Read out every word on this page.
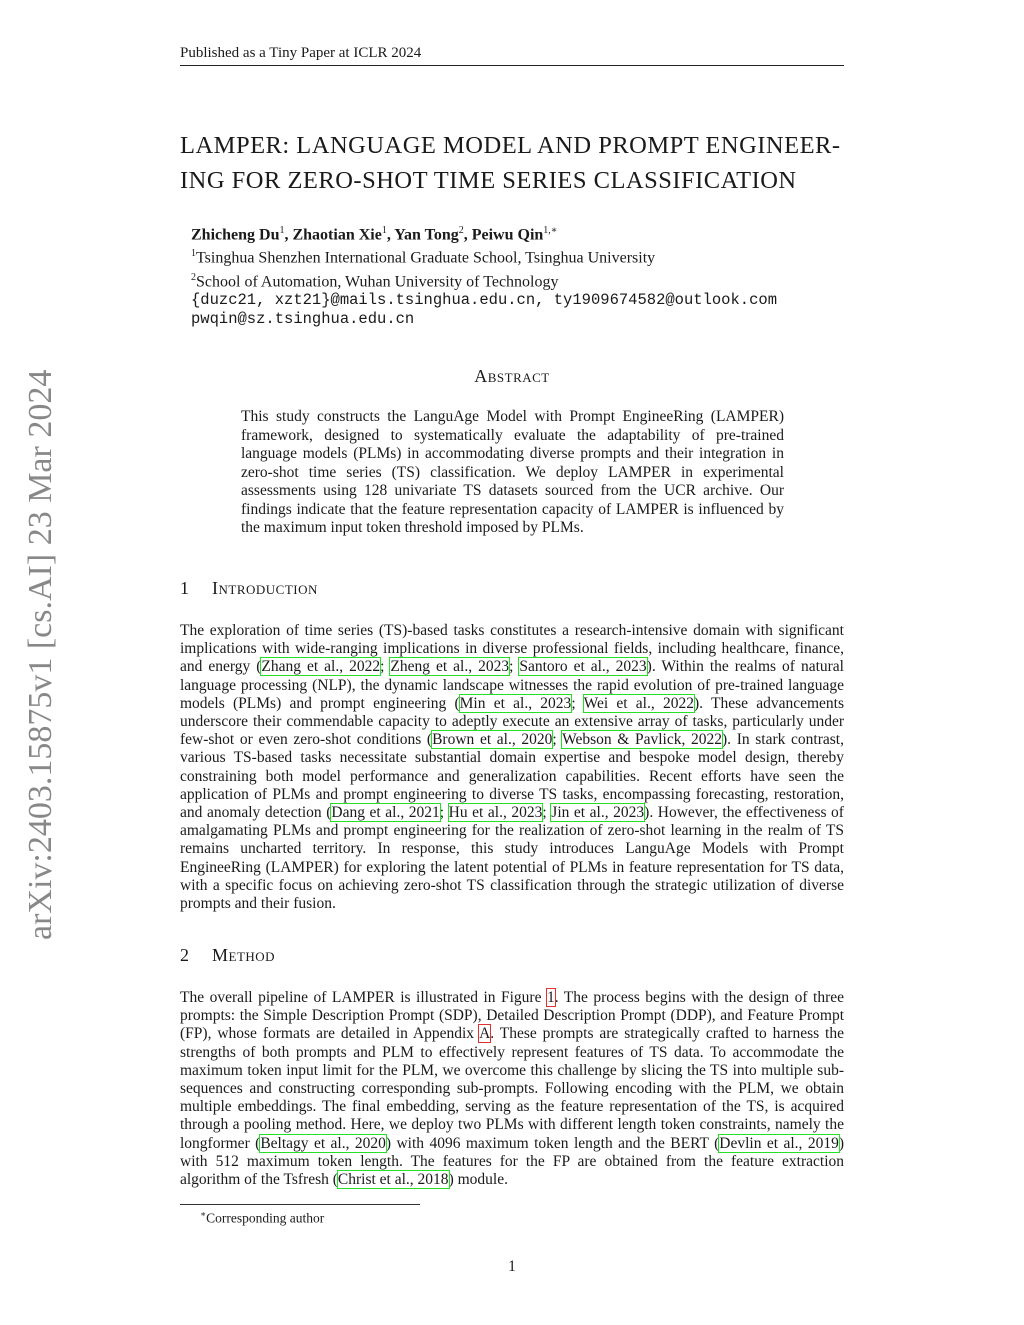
Published as a Tiny Paper at ICLR 2024
arXiv:2403.15875v1 [cs.AI] 23 Mar 2024
LAMPER: LANGUAGE MODEL AND PROMPT ENGINEER-
ING FOR ZERO-SHOT TIME SERIES CLASSIFICATION
Zhicheng Du$^1$, Zhaotian Xie$^1$, Yan Tong$^2$, Peiwu Qin$^{1,∗}$
$^1$Tsinghua Shenzhen International Graduate School, Tsinghua University
$^2$School of Automation, Wuhan University of Technology
{duzc21, xzt21}@mails.tsinghua.edu.cn, ty1909674582@outlook.com
pwqin@sz.tsinghua.edu.cn
Abstract
This study constructs the LanguAge Model with Prompt EngineeRing (LAMPER) framework, designed to systematically evaluate the adaptability of pre-trained language models (PLMs) in accommodating diverse prompts and their integration in zero-shot time series (TS) classification. We deploy LAMPER in experimental assessments using 128 univariate TS datasets sourced from the UCR archive. Our findings indicate that the feature representation capacity of LAMPER is influenced by the maximum input token threshold imposed by PLMs.
1 Introduction
The exploration of time series (TS)-based tasks constitutes a research-intensive domain with significant implications with wide-ranging implications in diverse professional fields, including healthcare, finance, and energy (Zhang et al., 2022; Zheng et al., 2023; Santoro et al., 2023). Within the realms of natural language processing (NLP), the dynamic landscape witnesses the rapid evolution of pre-trained language models (PLMs) and prompt engineering (Min et al., 2023; Wei et al., 2022). These advancements underscore their commendable capacity to adeptly execute an extensive array of tasks, particularly under few-shot or even zero-shot conditions (Brown et al., 2020; Webson & Pavlick, 2022). In stark contrast, various TS-based tasks necessitate substantial domain expertise and bespoke model design, thereby constraining both model performance and generalization capabilities. Recent efforts have seen the application of PLMs and prompt engineering to diverse TS tasks, encompassing forecasting, restoration, and anomaly detection (Dang et al., 2021; Hu et al., 2023; Jin et al., 2023). However, the effectiveness of amalgamating PLMs and prompt engineering for the realization of zero-shot learning in the realm of TS remains uncharted territory. In response, this study introduces LanguAge Models with Prompt EngineeRing (LAMPER) for exploring the latent potential of PLMs in feature representation for TS data, with a specific focus on achieving zero-shot TS classification through the strategic utilization of diverse prompts and their fusion.
2 Method
The overall pipeline of LAMPER is illustrated in Figure 1. The process begins with the design of three prompts: the Simple Description Prompt (SDP), Detailed Description Prompt (DDP), and Feature Prompt (FP), whose formats are detailed in Appendix A. These prompts are strategically crafted to harness the strengths of both prompts and PLM to effectively represent features of TS data. To accommodate the maximum token input limit for the PLM, we overcome this challenge by slicing the TS into multiple sub-sequences and constructing corresponding sub-prompts. Following encoding with the PLM, we obtain multiple embeddings. The final embedding, serving as the feature representation of the TS, is acquired through a pooling method. Here, we deploy two PLMs with different length token constraints, namely the longformer (Beltagy et al., 2020) with 4096 maximum token length and the BERT (Devlin et al., 2019) with 512 maximum token length. The features for the FP are obtained from the feature extraction algorithm of the Tsfresh (Christ et al., 2018) module.
∗Corresponding author
1
